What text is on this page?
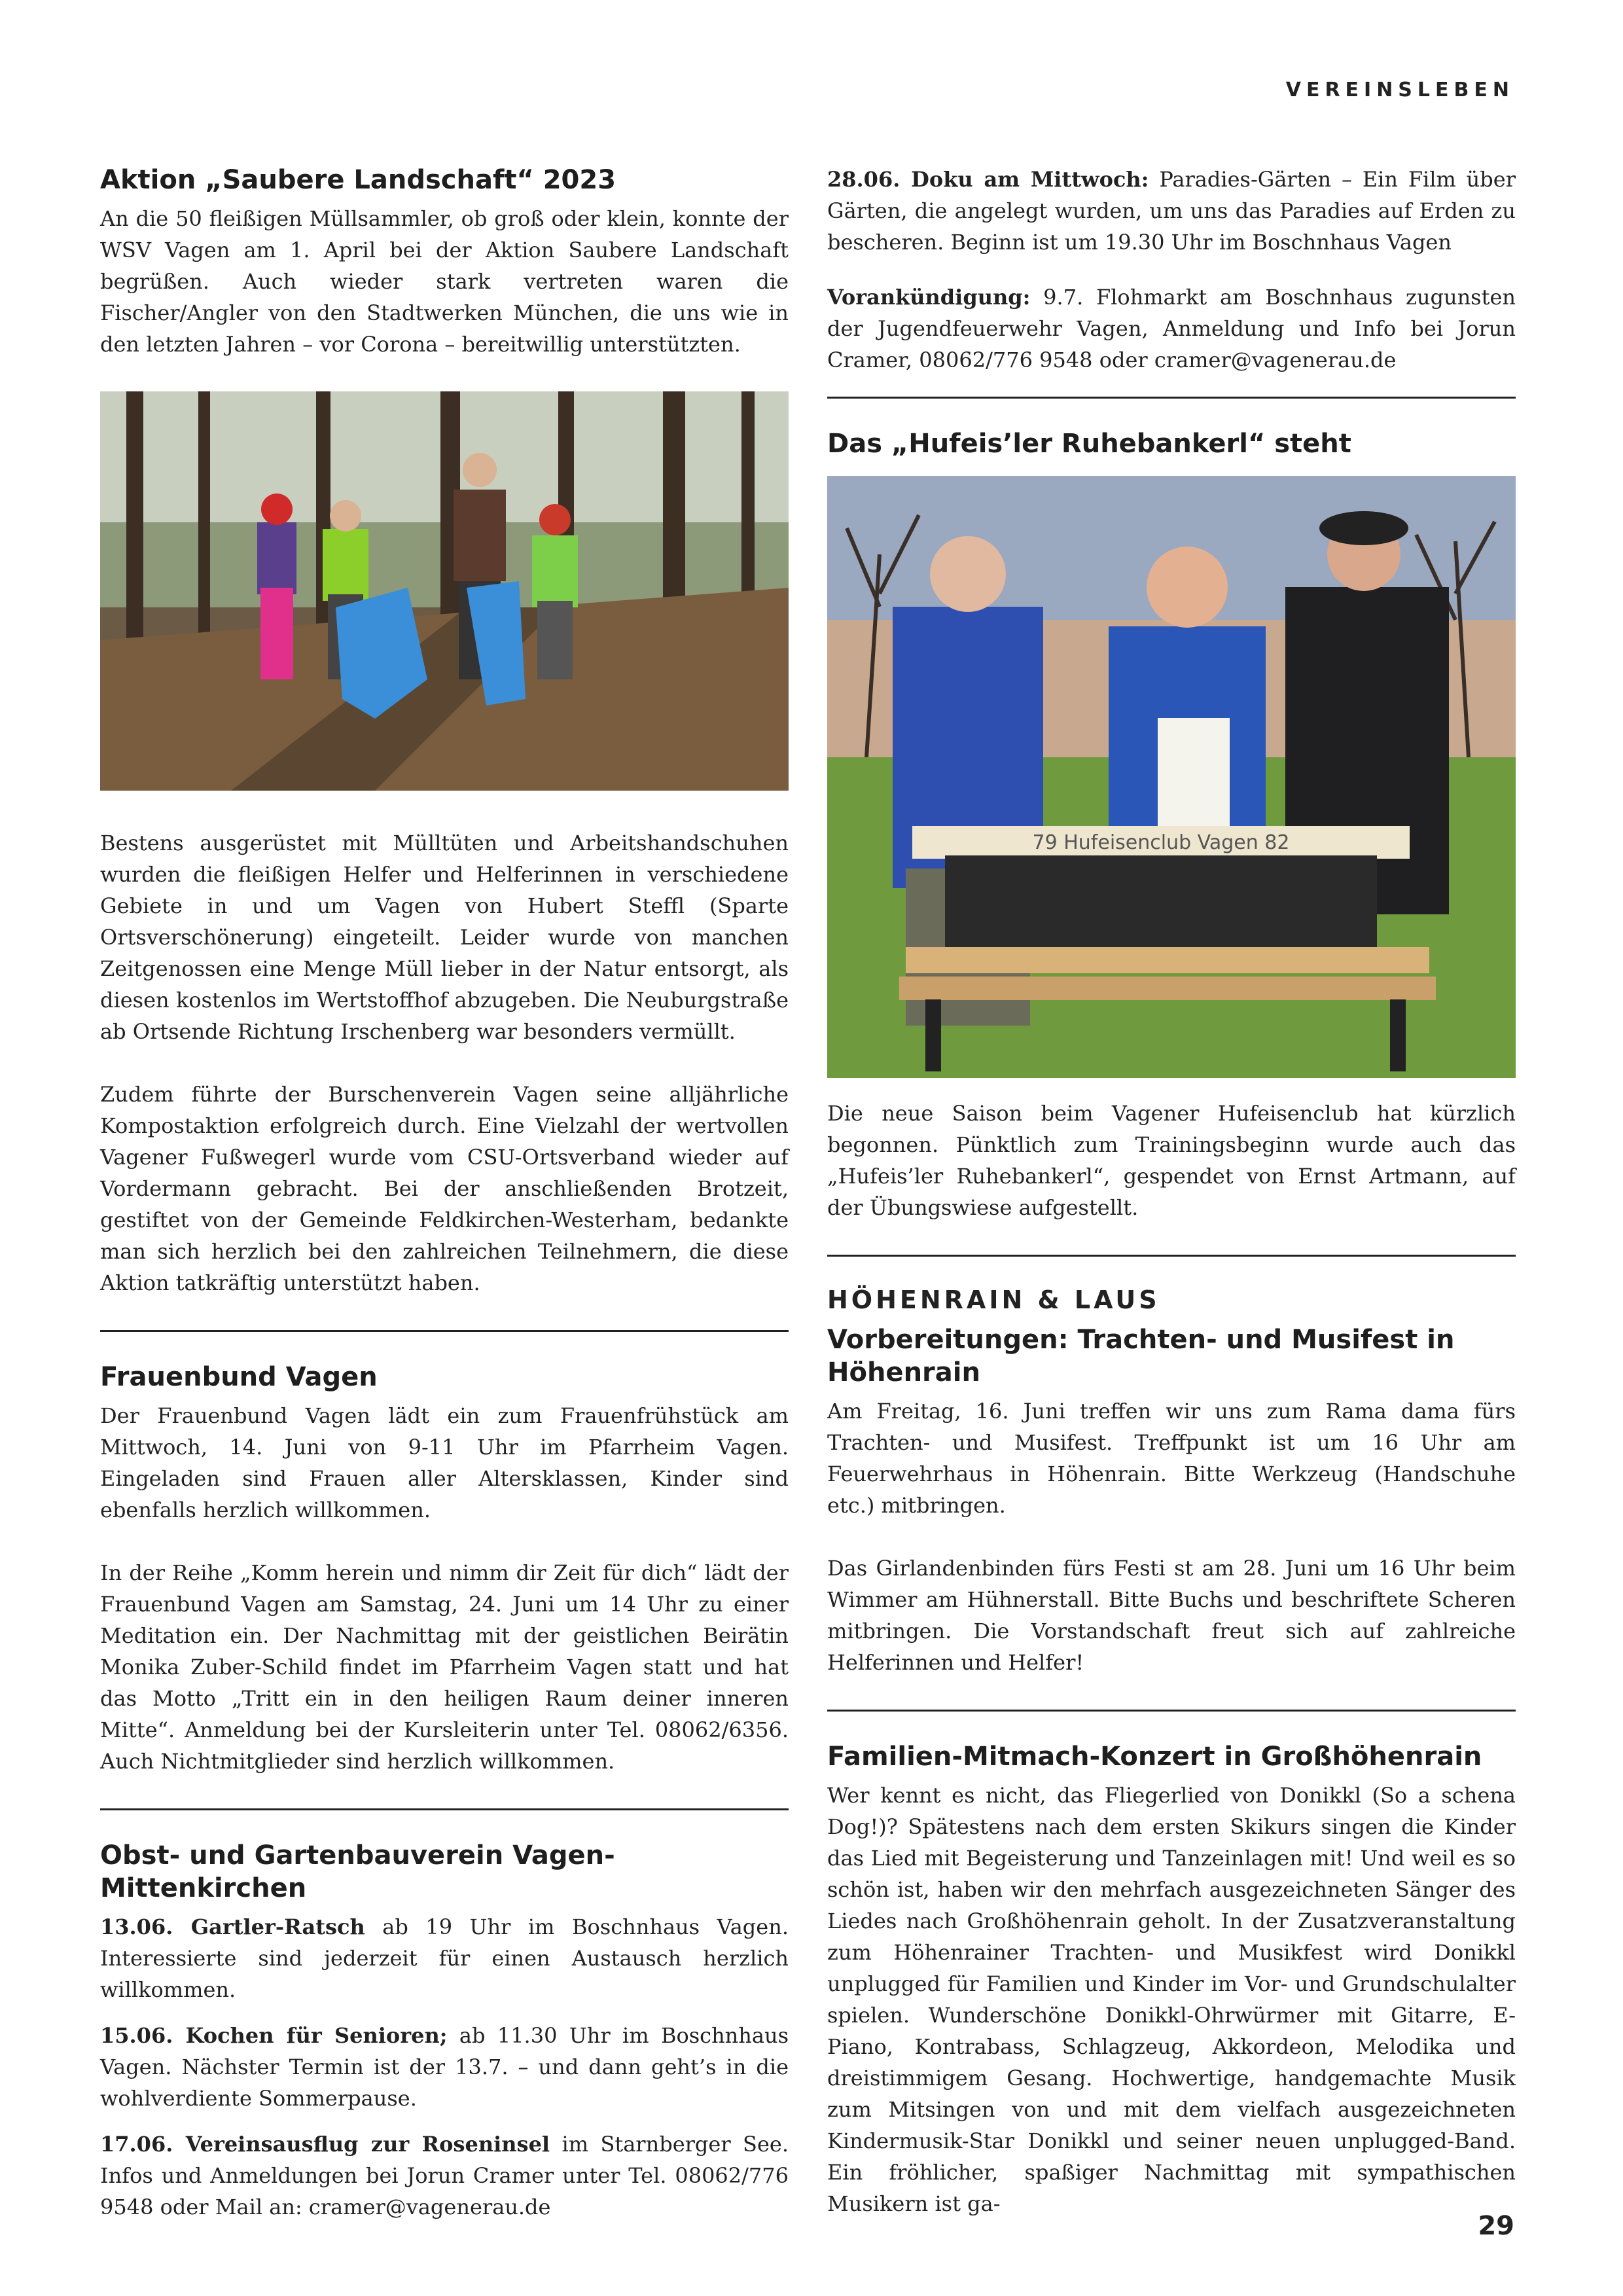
VEREINSLEBEN
Aktion „Saubere Landschaft“ 2023

An die 50 fleißigen Müllsammler, ob groß oder klein, konnte der WSV Vagen am 1. April bei der Aktion Saubere Landschaft begrüßen. Auch wieder stark vertreten waren die Fischer/Angler von den Stadtwerken München, die uns wie in den letzten Jahren – vor Corona – bereitwillig unterstützten.

Bestens ausgerüstet mit Mülltüten und Arbeitshandschuhen wurden die fleißigen Helfer und Helferinnen in verschiedene Gebiete in und um Vagen von Hubert Steffl (Sparte Ortsverschönerung) eingeteilt. Leider wurde von manchen Zeitgenossen eine Menge Müll lieber in der Natur entsorgt, als diesen kostenlos im Wertstoffhof abzugeben. Die Neuburgstraße ab Ortsende Richtung Irschenberg war besonders vermüllt.

Zudem führte der Burschenverein Vagen seine alljährliche Kompostaktion erfolgreich durch. Eine Vielzahl der wertvollen Vagener Fußwegerl wurde vom CSU-Ortsverband wieder auf Vordermann gebracht. Bei der anschließenden Brotzeit, gestiftet von der Gemeinde Feldkirchen-Westerham, bedankte man sich herzlich bei den zahlreichen Teilnehmern, die diese Aktion tatkräftig unterstützt haben.

Frauenbund Vagen

Der Frauenbund Vagen lädt ein zum Frauenfrühstück am Mittwoch, 14. Juni von 9-11 Uhr im Pfarrheim Vagen. Eingeladen sind Frauen aller Altersklassen, Kinder sind ebenfalls herzlich willkommen.

In der Reihe „Komm herein und nimm dir Zeit für dich“ lädt der Frauenbund Vagen am Samstag, 24. Juni um 14 Uhr zu einer Meditation ein. Der Nachmittag mit der geistlichen Beirätin Monika Zuber-Schild findet im Pfarrheim Vagen statt und hat das Motto „Tritt ein in den heiligen Raum deiner inneren Mitte“. Anmeldung bei der Kursleiterin unter Tel. 08062/6356. Auch Nichtmitglieder sind herzlich willkommen.

Obst- und Gartenbauverein Vagen-Mittenkirchen

13.06. Gartler-Ratsch ab 19 Uhr im Boschnhaus Vagen. Interessierte sind jederzeit für einen Austausch herzlich willkommen.

15.06. Kochen für Senioren; ab 11.30 Uhr im Boschnhaus Vagen. Nächster Termin ist der 13.7. – und dann geht’s in die wohlverdiente Sommerpause.

17.06. Vereinsausflug zur Roseninsel im Starnberger See. Infos und Anmeldungen bei Jorun Cramer unter Tel. 08062/776 9548 oder Mail an: cramer@vagenerau.de

28.06. Doku am Mittwoch: Paradies-Gärten – Ein Film über Gärten, die angelegt wurden, um uns das Paradies auf Erden zu bescheren. Beginn ist um 19.30 Uhr im Boschnhaus Vagen

Vorankündigung: 9.7. Flohmarkt am Boschnhaus zugunsten der Jugendfeuerwehr Vagen, Anmeldung und Info bei Jorun Cramer, 08062/776 9548 oder cramer@vagenerau.de

Das „Hufeis’ler Ruhebankerl“ steht
79 Hufeisenclub Vagen 82

Die neue Saison beim Vagener Hufeisenclub hat kürzlich begonnen. Pünktlich zum Trainingsbeginn wurde auch das „Hufeis’ler Ruhebankerl“, gespendet von Ernst Artmann, auf der Übungswiese aufgestellt.

HÖHENRAIN & LAUS
Vorbereitungen: Trachten- und Musifest in Höhenrain

Am Freitag, 16. Juni treffen wir uns zum Rama dama fürs Trachten- und Musifest. Treffpunkt ist um 16 Uhr am Feuerwehrhaus in Höhenrain. Bitte Werkzeug (Handschuhe etc.) mitbringen.

Das Girlandenbinden fürs Festi st am 28. Juni um 16 Uhr beim Wimmer am Hühnerstall. Bitte Buchs und beschriftete Scheren mitbringen. Die Vorstandschaft freut sich auf zahlreiche Helferinnen und Helfer!

Familien-Mitmach-Konzert in Großhöhenrain

Wer kennt es nicht, das Fliegerlied von Donikkl (So a schena Dog!)? Spätestens nach dem ersten Skikurs singen die Kinder das Lied mit Begeisterung und Tanzeinlagen mit! Und weil es so schön ist, haben wir den mehrfach ausgezeichneten Sänger des Liedes nach Großhöhenrain geholt. In der Zusatzveranstaltung zum Höhenrainer Trachten- und Musikfest wird Donikkl unplugged für Familien und Kinder im Vor- und Grundschulalter spielen. Wunderschöne Donikkl-Ohrwürmer mit Gitarre, E-Piano, Kontrabass, Schlagzeug, Akkordeon, Melodika und dreistimmigem Gesang. Hochwertige, handgemachte Musik zum Mitsingen von und mit dem vielfach ausgezeichneten Kindermusik-Star Donikkl und seiner neuen unplugged-Band. Ein fröhlicher, spaßiger Nachmittag mit sympathischen Musikern ist ga-

29
